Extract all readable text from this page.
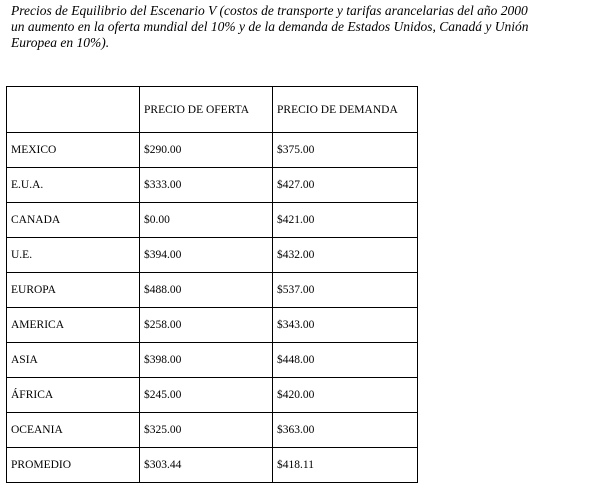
Precios de Equilibrio del Escenario V (costos de transporte y tarifas arancelarias del año 2000
un aumento en la oferta mundial del 10% y de la demanda de Estados Unidos, Canadá y Unión
Europea en 10%).
	PRECIO DE OFERTA	PRECIO DE DEMANDA
MEXICO	$290.00	$375.00
E.U.A.	$333.00	$427.00
CANADA	$0.00	$421.00
U.E.	$394.00	$432.00
EUROPA	$488.00	$537.00
AMERICA	$258.00	$343.00
ASIA	$398.00	$448.00
ÁFRICA	$245.00	$420.00
OCEANIA	$325.00	$363.00
PROMEDIO	$303.44	$418.11
